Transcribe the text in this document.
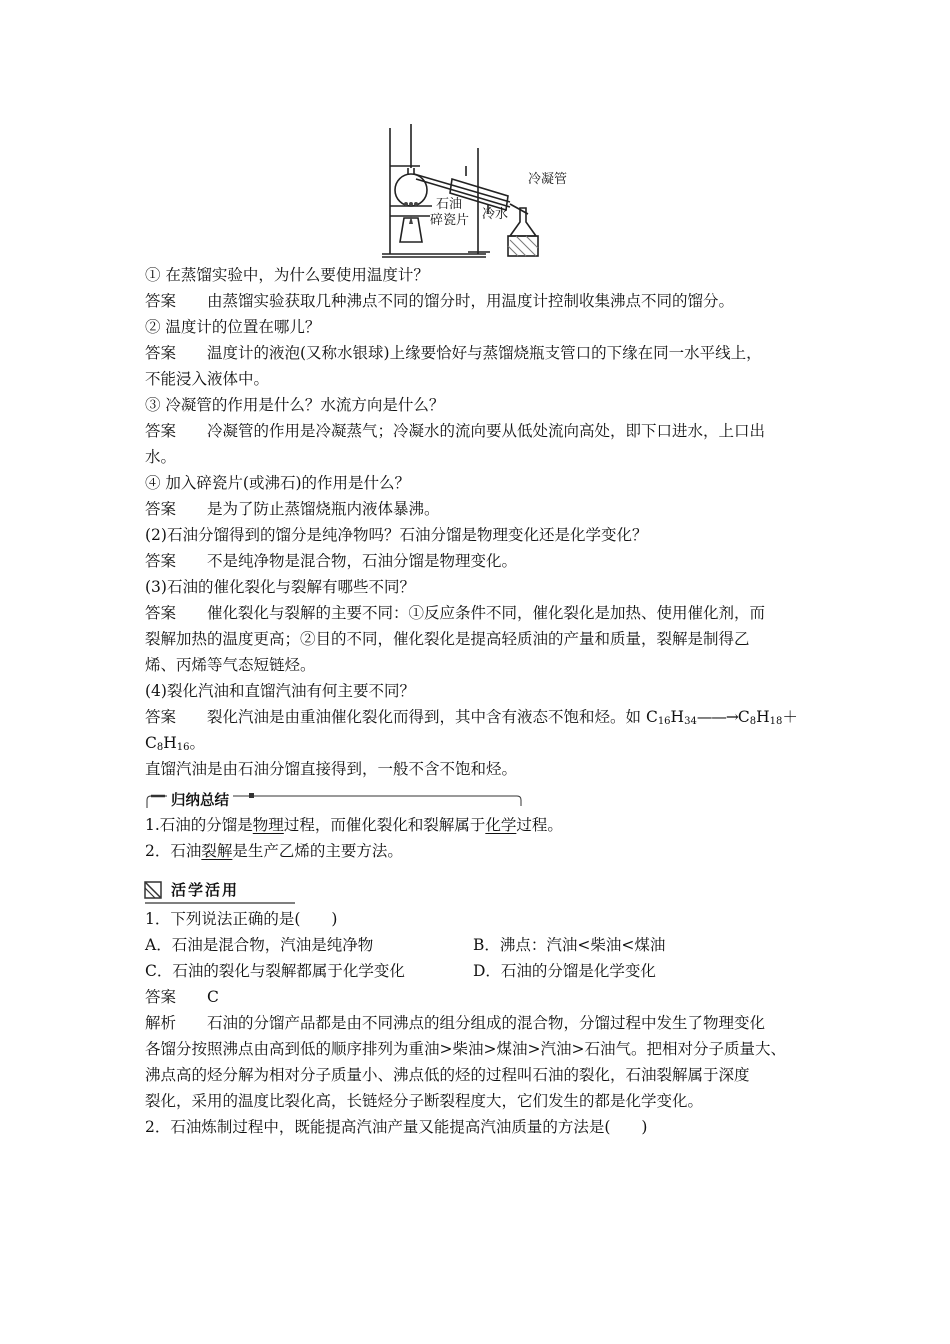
冷凝管
石油
碎瓷片 冷水

① 在蒸馏实验中，为什么要使用温度计？

答案 由蒸馏实验获取几种沸点不同的馏分时，用温度计控制收集沸点不同的馏分。

② 温度计的位置在哪儿？

答案 温度计的液泡(又称水银球)上缘要恰好与蒸馏烧瓶支管口的下缘在同一水平线上，

不能浸入液体中。

③ 冷凝管的作用是什么？水流方向是什么？

答案 冷凝管的作用是冷凝蒸气；冷凝水的流向要从低处流向高处，即下口进水，上口出

水。

④ 加入碎瓷片(或沸石)的作用是什么？

答案 是为了防止蒸馏烧瓶内液体暴沸。

(2)石油分馏得到的馏分是纯净物吗？石油分馏是物理变化还是化学变化？

答案 不是纯净物是混合物，石油分馏是物理变化。

(3)石油的催化裂化与裂解有哪些不同？

答案 催化裂化与裂解的主要不同：①反应条件不同，催化裂化是加热、使用催化剂，而

裂解加热的温度更高；②目的不同，催化裂化是提高轻质油的产量和质量，裂解是制得乙

烯、丙烯等气态短链烃。

(4)裂化汽油和直馏汽油有何主要不同？

答案 裂化汽油是由重油催化裂化而得到，其中含有液态不饱和烃。如 $C_{16}H_{34}——\to C_8H_{18}+$
$C_8H_{16}$。

直馏汽油是由石油分馏直接得到，一般不含不饱和烃。

归纳总结

1.石油的分馏是物理过程，而催化裂化和裂解属于化学过程。

2．石油裂解是生产乙烯的主要方法。

活学活用

1．下列说法正确的是(　　)

A．石油是混合物，汽油是纯净物	B．沸点：汽油<柴油<煤油
C．石油的裂化与裂解都属于化学变化	D．石油的分馏是化学变化

答案 C

解析 石油的分馏产品都是由不同沸点的组分组成的混合物，分馏过程中发生了物理变化

各馏分按照沸点由高到低的顺序排列为重油>柴油>煤油>汽油>石油气。把相对分子质量大、

沸点高的烃分解为相对分子质量小、沸点低的烃的过程叫石油的裂化，石油裂解属于深度

裂化，采用的温度比裂化高，长链烃分子断裂程度大，它们发生的都是化学变化。

2．石油炼制过程中，既能提高汽油产量又能提高汽油质量的方法是(　　)
